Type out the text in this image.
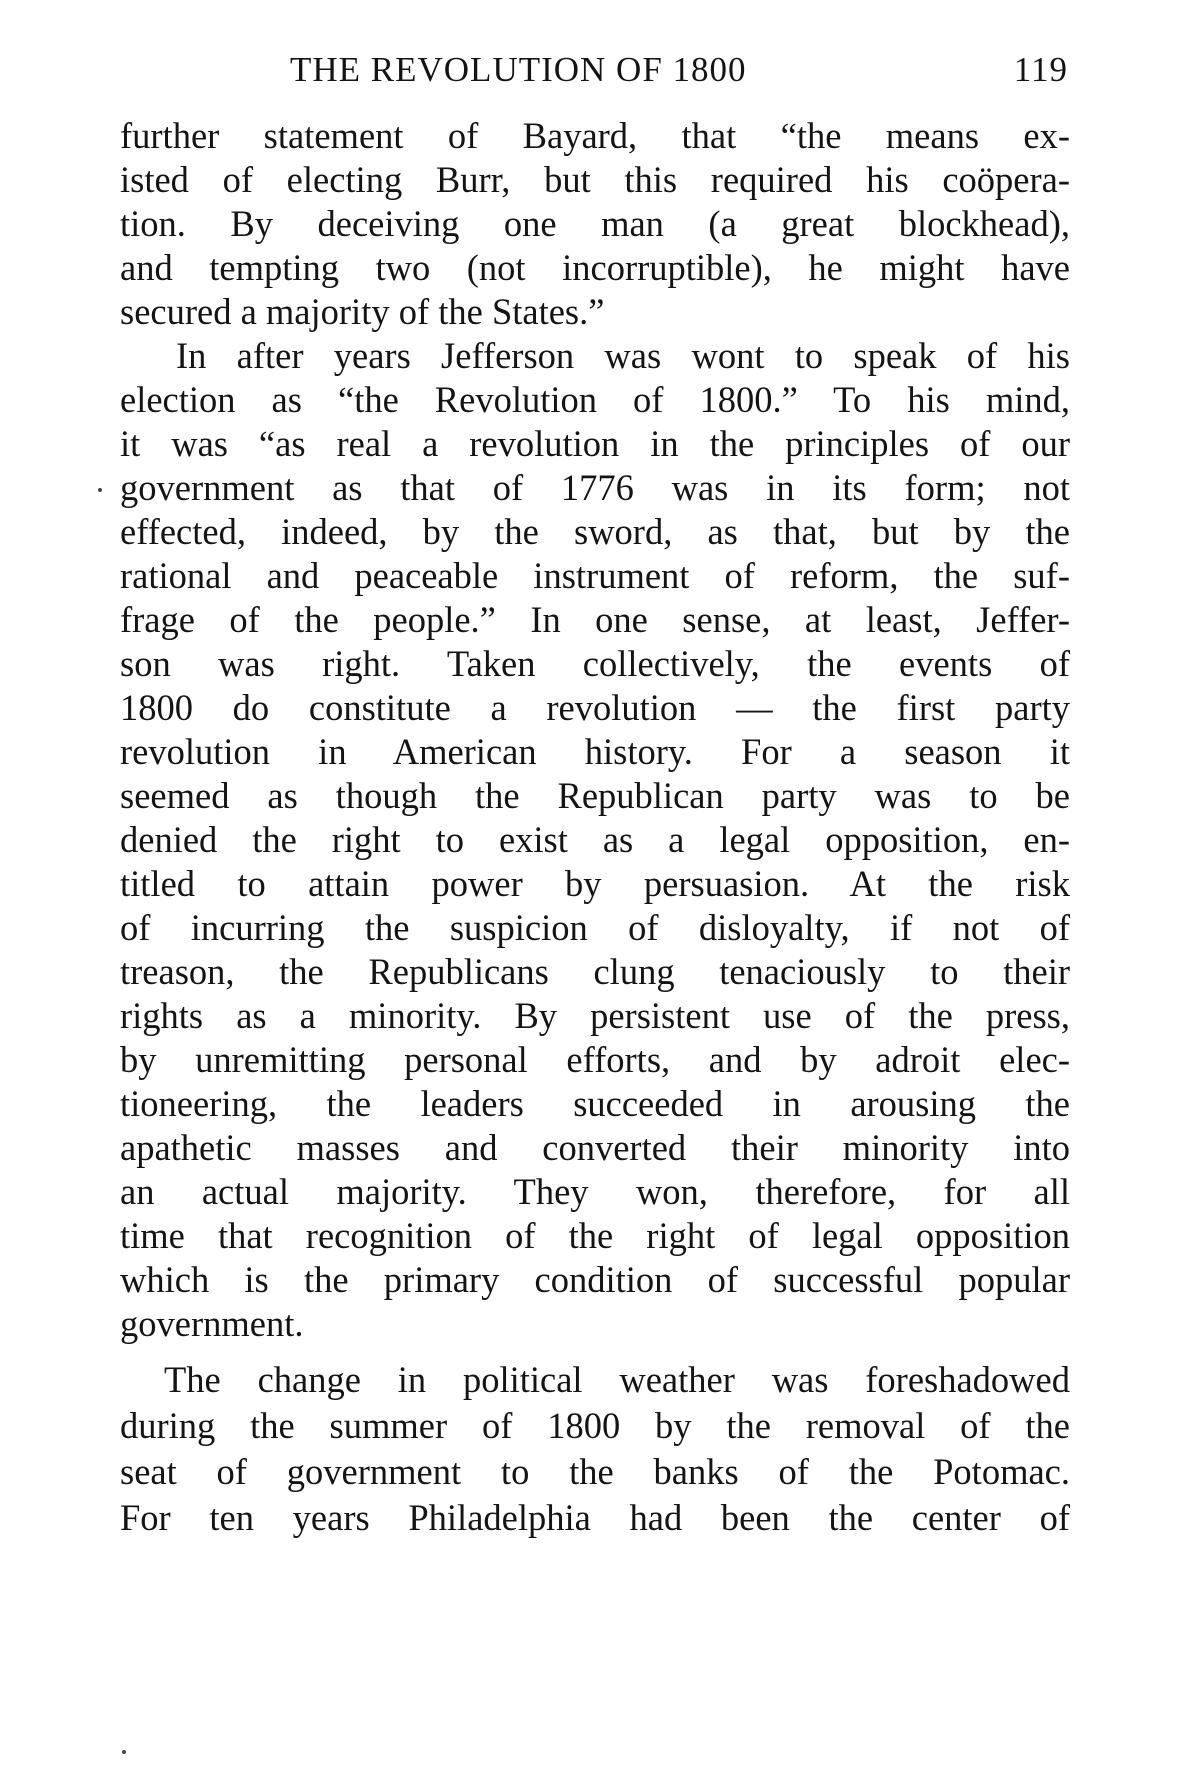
THE REVOLUTION OF 1800	119
further statement of Bayard, that “the means ex-
isted of electing Burr, but this required his coöpera-
tion. By deceiving one man (a great blockhead),
and tempting two (not incorruptible), he might have
secured a majority of the States.”
In after years Jefferson was wont to speak of his
election as “the Revolution of 1800.” To his mind,
it was “as real a revolution in the principles of our
government as that of 1776 was in its form; not
effected, indeed, by the sword, as that, but by the
rational and peaceable instrument of reform, the suf-
frage of the people.” In one sense, at least, Jeffer-
son was right. Taken collectively, the events of
1800 do constitute a revolution — the first party
revolution in American history. For a season it
seemed as though the Republican party was to be
denied the right to exist as a legal opposition, en-
titled to attain power by persuasion. At the risk
of incurring the suspicion of disloyalty, if not of
treason, the Republicans clung tenaciously to their
rights as a minority. By persistent use of the press,
by unremitting personal efforts, and by adroit elec-
tioneering, the leaders succeeded in arousing the
apathetic masses and converted their minority into
an actual majority. They won, therefore, for all
time that recognition of the right of legal opposition
which is the primary condition of successful popular
government.
The change in political weather was foreshadowed
during the summer of 1800 by the removal of the
seat of government to the banks of the Potomac.
For ten years Philadelphia had been the center of
